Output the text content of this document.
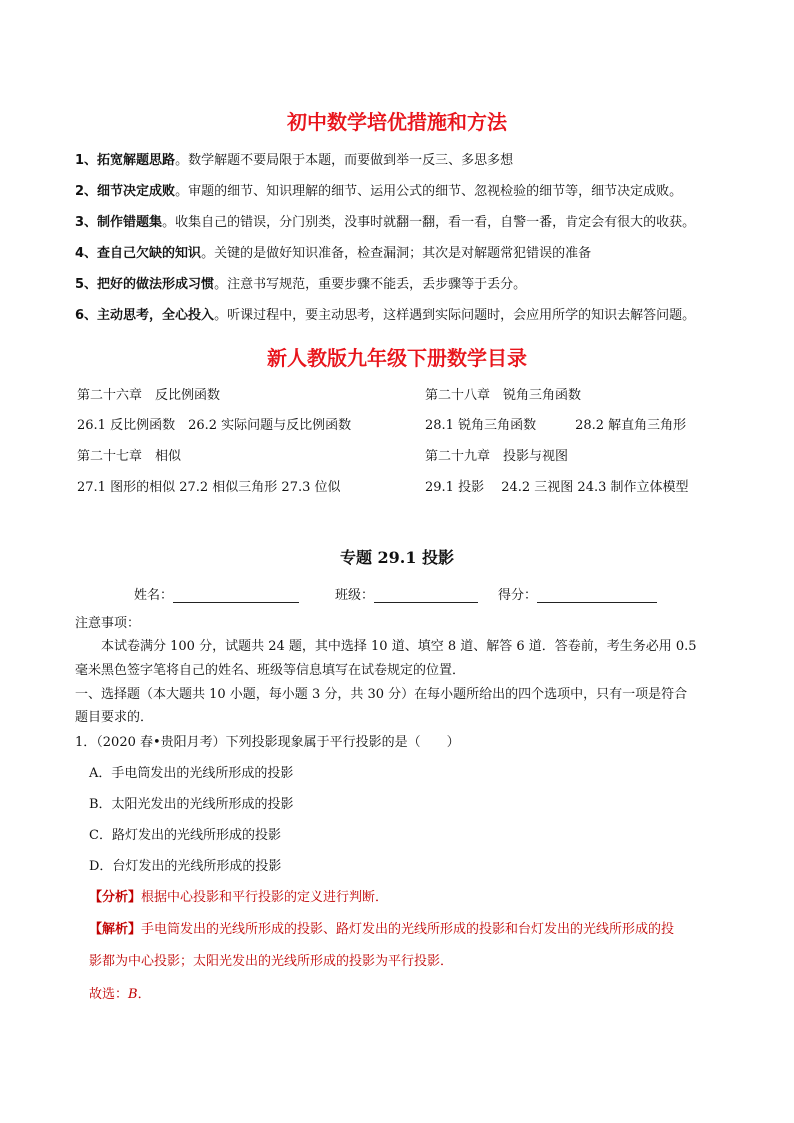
初中数学培优措施和方法
1、拓宽解题思路。数学解题不要局限于本题，而要做到举一反三、多思多想
2、细节决定成败。审题的细节、知识理解的细节、运用公式的细节、忽视检验的细节等，细节决定成败。
3、制作错题集。收集自己的错误，分门别类，没事时就翻一翻，看一看，自警一番，肯定会有很大的收获。
4、查自己欠缺的知识。关键的是做好知识准备，检查漏洞；其次是对解题常犯错误的准备
5、把好的做法形成习惯。注意书写规范，重要步骤不能丢，丢步骤等于丢分。
6、主动思考，全心投入。听课过程中，要主动思考，这样遇到实际问题时，会应用所学的知识去解答问题。
新人教版九年级下册数学目录
第二十六章　反比例函数
26.1 反比例函数　26.2 实际问题与反比例函数
第二十七章　相似
27.1 图形的相似 27.2 相似三角形 27.3 位似
第二十八章　锐角三角函数
28.1 锐角三角函数　　　28.2 解直角三角形
第二十九章　投影与视图
29.1 投影　 24.2 三视图 24.3 制作立体模型
专题 29.1 投影
姓名：	班级：	得分：
注意事项：
本试卷满分 100 分，试题共 24 题，其中选择 10 道、填空 8 道、解答 6 道．答卷前，考生务必用 0.5
毫米黑色签字笔将自己的姓名、班级等信息填写在试卷规定的位置．
一、选择题（本大题共 10 小题，每小题 3 分，共 30 分）在每小题所给出的四个选项中，只有一项是符合
题目要求的．
1．（2020 春•贵阳月考）下列投影现象属于平行投影的是（　　）
A．手电筒发出的光线所形成的投影
B．太阳光发出的光线所形成的投影
C．路灯发出的光线所形成的投影
D．台灯发出的光线所形成的投影
【分析】根据中心投影和平行投影的定义进行判断．
【解析】手电筒发出的光线所形成的投影、路灯发出的光线所形成的投影和台灯发出的光线所形成的投
影都为中心投影；太阳光发出的光线所形成的投影为平行投影．
故选：B．
